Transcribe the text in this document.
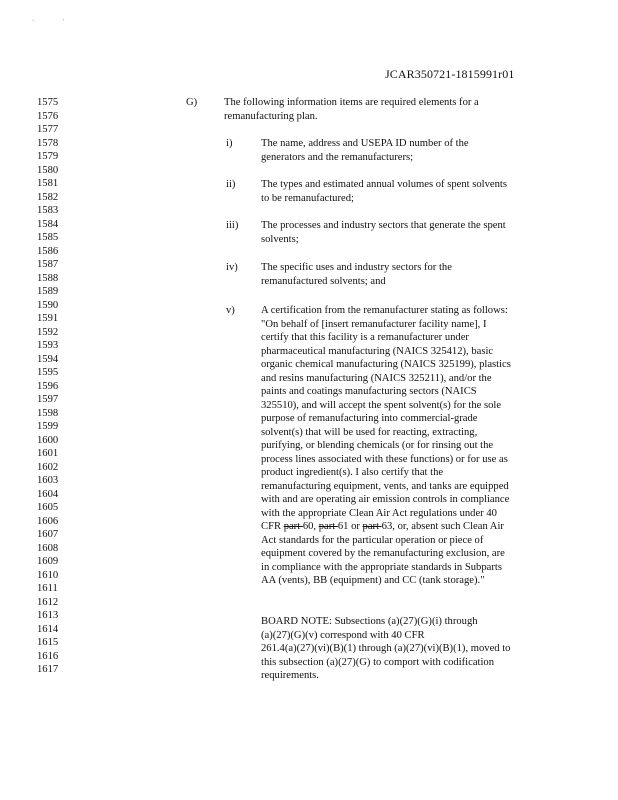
‘	’
JCAR350721-1815991r01
1575
1576
1577
1578
1579
1580
1581
1582
1583
1584
1585
1586
1587
1588
1589
1590
1591
1592
1593
1594
1595
1596
1597
1598
1599
1600
1601
1602
1603
1604
1605
1606
1607
1608
1609
1610
1611
1612
1613
1614
1615
1616
1617
G)	The following information items are required elements for a
remanufacturing plan.
i)	The name, address and USEPA ID number of the
generators and the remanufacturers;
ii) The types and estimated annual volumes of spent solvents
to be remanufactured;
iii) The processes and industry sectors that generate the spent
solvents;
iv) The specific uses and industry sectors for the
remanufactured solvents; and
v) A certification from the remanufacturer stating as follows:
"On behalf of [insert remanufacturer facility name], I
certify that this facility is a remanufacturer under
pharmaceutical manufacturing (NAICS 325412), basic
organic chemical manufacturing (NAICS 325199), plastics
and resins manufacturing (NAICS 325211), and/or the
paints and coatings manufacturing sectors (NAICS
325510), and will accept the spent solvent(s) for the sole
purpose of remanufacturing into commercial-grade
solvent(s) that will be used for reacting, extracting,
purifying, or blending chemicals (or for rinsing out the
process lines associated with these functions) or for use as
product ingredient(s). I also certify that the
remanufacturing equipment, vents, and tanks are equipped
with and are operating air emission controls in compliance
with the appropriate Clean Air Act regulations under 40
CFR part 60, part 61 or part 63, or, absent such Clean Air
Act standards for the particular operation or piece of
equipment covered by the remanufacturing exclusion, are
in compliance with the appropriate standards in Subparts
AA (vents), BB (equipment) and CC (tank storage)."
BOARD NOTE: Subsections (a)(27)(G)(i) through
(a)(27)(G)(v) correspond with 40 CFR
261.4(a)(27)(vi)(B)(1) through (a)(27)(vi)(B)(1), moved to
this subsection (a)(27)(G) to comport with codification
requirements.
